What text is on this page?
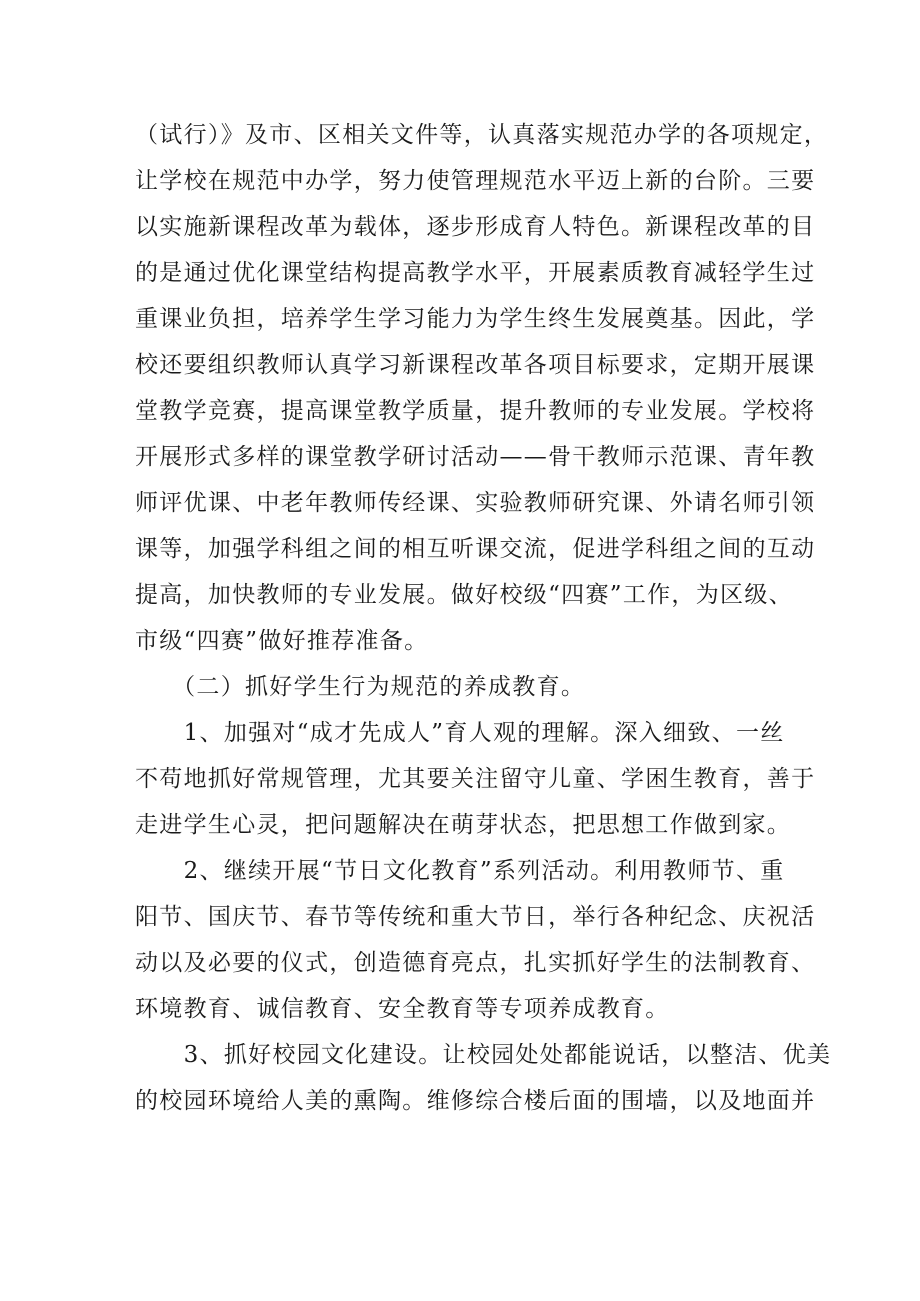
（试行）》及市、区相关文件等，认真落实规范办学的各项规定，
让学校在规范中办学，努力使管理规范水平迈上新的台阶。三要
以实施新课程改革为载体，逐步形成育人特色。新课程改革的目
的是通过优化课堂结构提高教学水平，开展素质教育减轻学生过
重课业负担，培养学生学习能力为学生终生发展奠基。因此，学
校还要组织教师认真学习新课程改革各项目标要求，定期开展课
堂教学竞赛，提高课堂教学质量，提升教师的专业发展。学校将
开展形式多样的课堂教学研讨活动——骨干教师示范课、青年教
师评优课、中老年教师传经课、实验教师研究课、外请名师引领
课等，加强学科组之间的相互听课交流，促进学科组之间的互动
提高，加快教师的专业发展。做好校级“四赛”工作，为区级、
市级“四赛”做好推荐准备。
　　（二）抓好学生行为规范的养成教育。
　　1、加强对“成才先成人”育人观的理解。深入细致、一丝
不苟地抓好常规管理，尤其要关注留守儿童、学困生教育，善于
走进学生心灵，把问题解决在萌芽状态，把思想工作做到家。
　　2、继续开展“节日文化教育”系列活动。利用教师节、重
阳节、国庆节、春节等传统和重大节日，举行各种纪念、庆祝活
动以及必要的仪式，创造德育亮点，扎实抓好学生的法制教育、
环境教育、诚信教育、安全教育等专项养成教育。
　　3、抓好校园文化建设。让校园处处都能说话，以整洁、优美
的校园环境给人美的熏陶。维修综合楼后面的围墙，以及地面并
